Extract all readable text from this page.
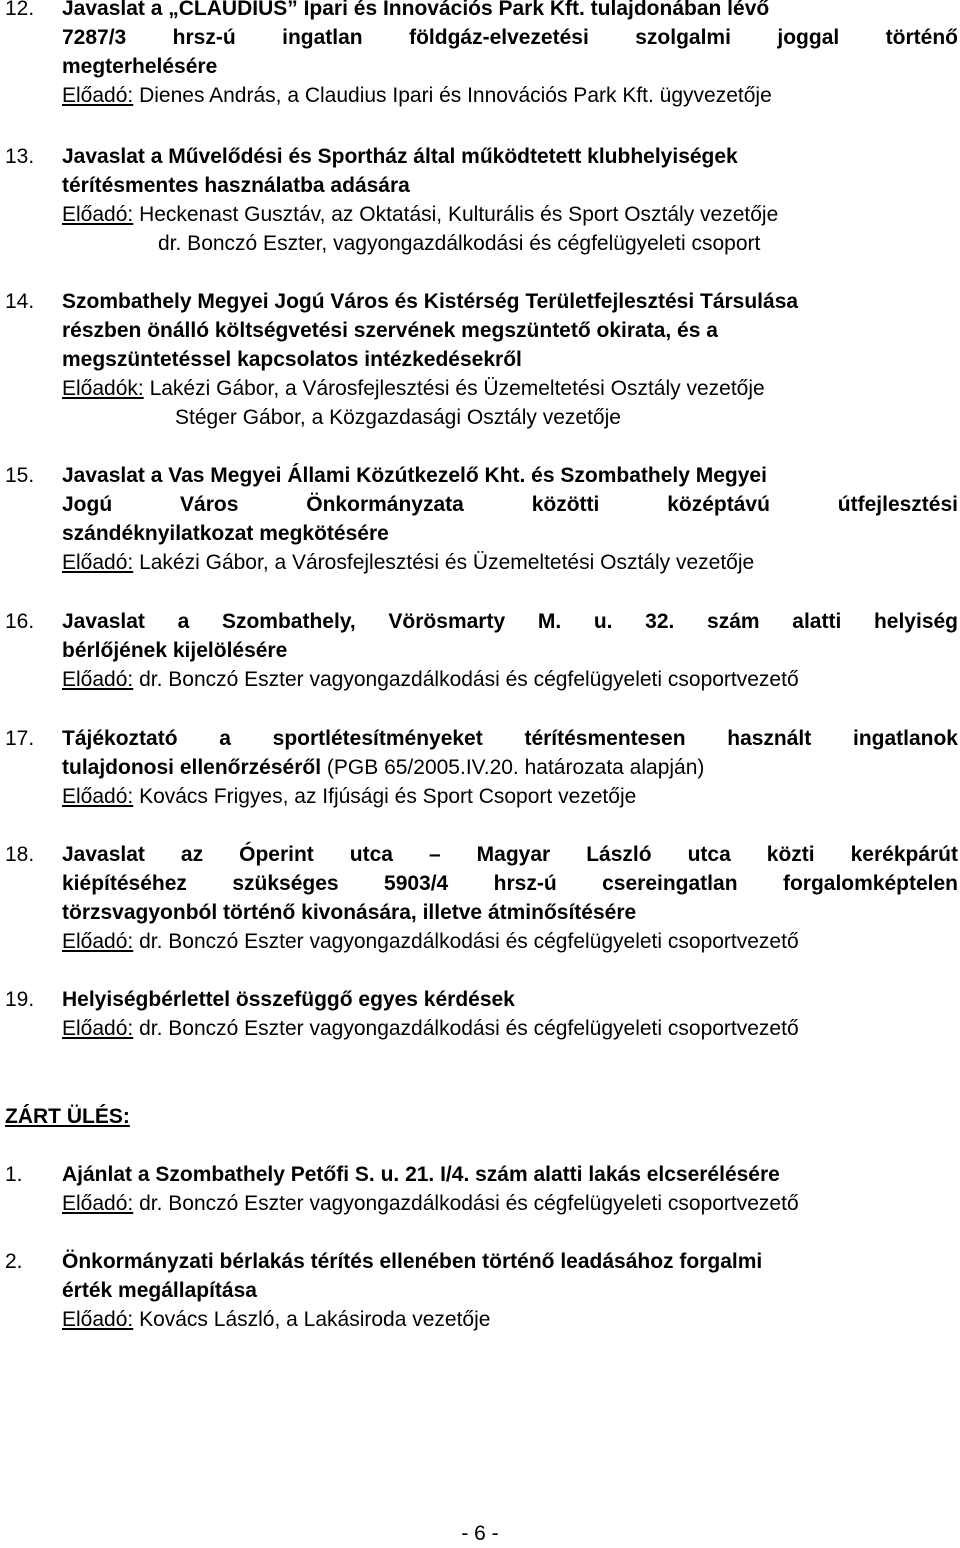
12. Javaslat a „CLAUDIUS” Ipari és Innovációs Park Kft. tulajdonában lévő
7287/3 hrsz-ú ingatlan földgáz-elvezetési szolgalmi joggal történő
megterhelésére
Előadó: Dienes András, a Claudius Ipari és Innovációs Park Kft. ügyvezetője
13. Javaslat a Művelődési és Sportház által működtetett klubhelyiségek
térítésmentes használatba adására
Előadó: Heckenast Gusztáv, az Oktatási, Kulturális és Sport Osztály vezetője
dr. Bonczó Eszter, vagyongazdálkodási és cégfelügyeleti csoport
14. Szombathely Megyei Jogú Város és Kistérség Területfejlesztési Társulása
részben önálló költségvetési szervének megszüntető okirata, és a
megszüntetéssel kapcsolatos intézkedésekről
Előadók: Lakézi Gábor, a Városfejlesztési és Üzemeltetési Osztály vezetője
Stéger Gábor, a Közgazdasági Osztály vezetője
15. Javaslat a Vas Megyei Állami Közútkezelő Kht. és Szombathely Megyei
Jogú Város Önkormányzata közötti középtávú útfejlesztési
szándéknyilatkozat megkötésére
Előadó: Lakézi Gábor, a Városfejlesztési és Üzemeltetési Osztály vezetője
16. Javaslat a Szombathely, Vörösmarty M. u. 32. szám alatti helyiség
bérlőjének kijelölésére
Előadó: dr. Bonczó Eszter vagyongazdálkodási és cégfelügyeleti csoportvezető
17. Tájékoztató a sportlétesítményeket térítésmentesen használt ingatlanok
tulajdonosi ellenőrzéséről (PGB 65/2005.IV.20. határozata alapján)
Előadó: Kovács Frigyes, az Ifjúsági és Sport Csoport vezetője
18. Javaslat az Óperint utca – Magyar László utca közti kerékpárút
kiépítéséhez szükséges 5903/4 hrsz-ú csereingatlan forgalomképtelen
törzsvagyonból történő kivonására, illetve átminősítésére
Előadó: dr. Bonczó Eszter vagyongazdálkodási és cégfelügyeleti csoportvezető
19. Helyiségbérlettel összefüggő egyes kérdések
Előadó: dr. Bonczó Eszter vagyongazdálkodási és cégfelügyeleti csoportvezető
ZÁRT ÜLÉS:
1. Ajánlat a Szombathely Petőfi S. u. 21. I/4. szám alatti lakás elcserélésére
Előadó: dr. Bonczó Eszter vagyongazdálkodási és cégfelügyeleti csoportvezető
2. Önkormányzati bérlakás térítés ellenében történő leadásához forgalmi
érték megállapítása
Előadó: Kovács László, a Lakásiroda vezetője
- 6 -
